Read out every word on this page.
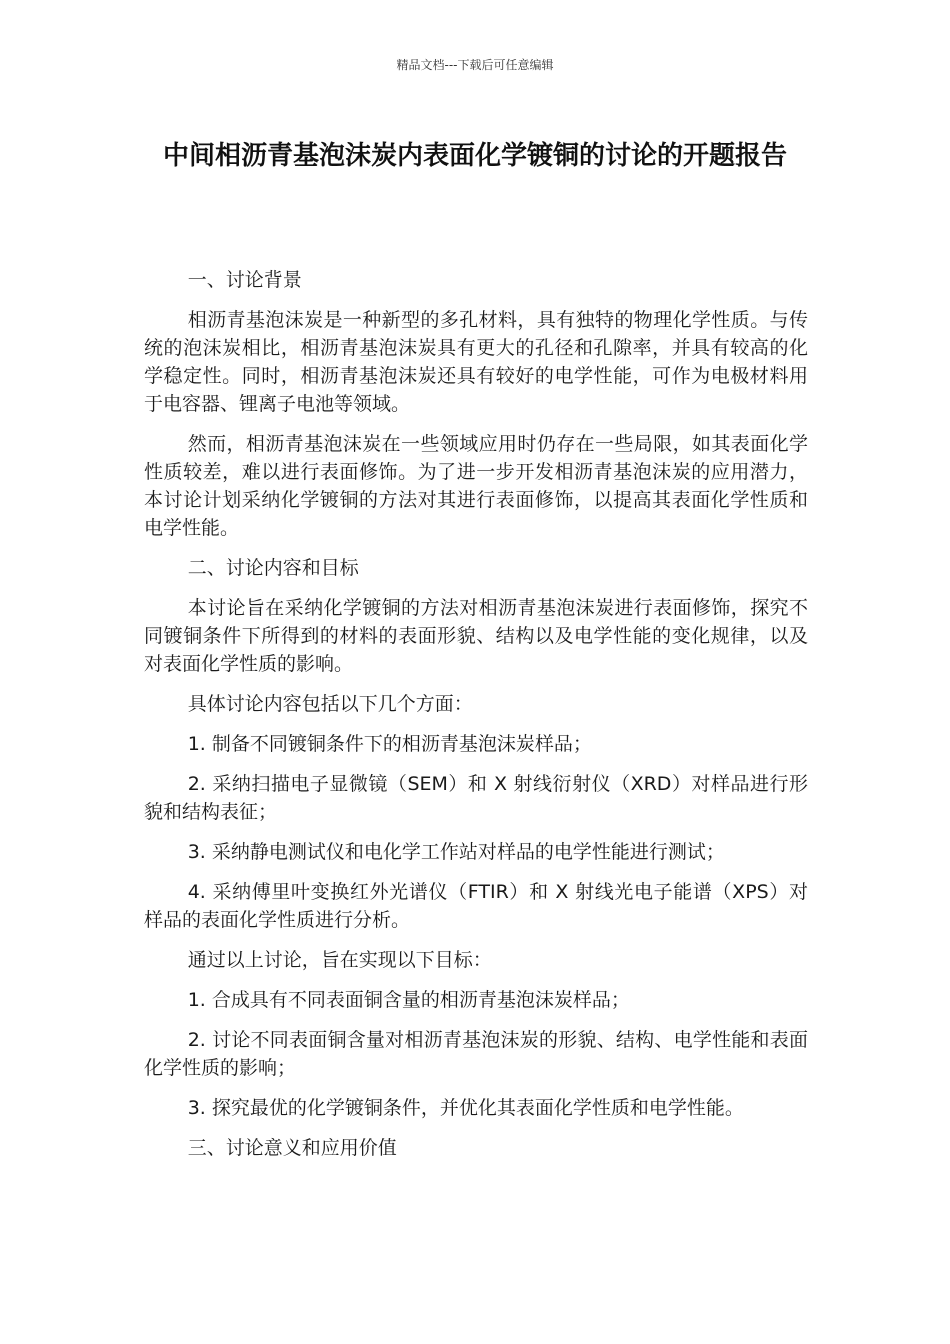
精品文档---下载后可任意编辑
中间相沥青基泡沫炭内表面化学镀铜的讨论的开题报告

一、讨论背景

相沥青基泡沫炭是一种新型的多孔材料，具有独特的物理化学性质。与传统的泡沫炭相比，相沥青基泡沫炭具有更大的孔径和孔隙率，并具有较高的化学稳定性。同时，相沥青基泡沫炭还具有较好的电学性能，可作为电极材料用于电容器、锂离子电池等领域。

然而，相沥青基泡沫炭在一些领域应用时仍存在一些局限，如其表面化学性质较差，难以进行表面修饰。为了进一步开发相沥青基泡沫炭的应用潜力，本讨论计划采纳化学镀铜的方法对其进行表面修饰，以提高其表面化学性质和电学性能。

二、讨论内容和目标

本讨论旨在采纳化学镀铜的方法对相沥青基泡沫炭进行表面修饰，探究不同镀铜条件下所得到的材料的表面形貌、结构以及电学性能的变化规律，以及对表面化学性质的影响。

具体讨论内容包括以下几个方面：

1. 制备不同镀铜条件下的相沥青基泡沫炭样品；

2. 采纳扫描电子显微镜（SEM）和 X 射线衍射仪（XRD）对样品进行形貌和结构表征；

3. 采纳静电测试仪和电化学工作站对样品的电学性能进行测试；

4. 采纳傅里叶变换红外光谱仪（FTIR）和 X 射线光电子能谱（XPS）对样品的表面化学性质进行分析。

通过以上讨论，旨在实现以下目标：

1. 合成具有不同表面铜含量的相沥青基泡沫炭样品；

2. 讨论不同表面铜含量对相沥青基泡沫炭的形貌、结构、电学性能和表面化学性质的影响；

3. 探究最优的化学镀铜条件，并优化其表面化学性质和电学性能。

三、讨论意义和应用价值
